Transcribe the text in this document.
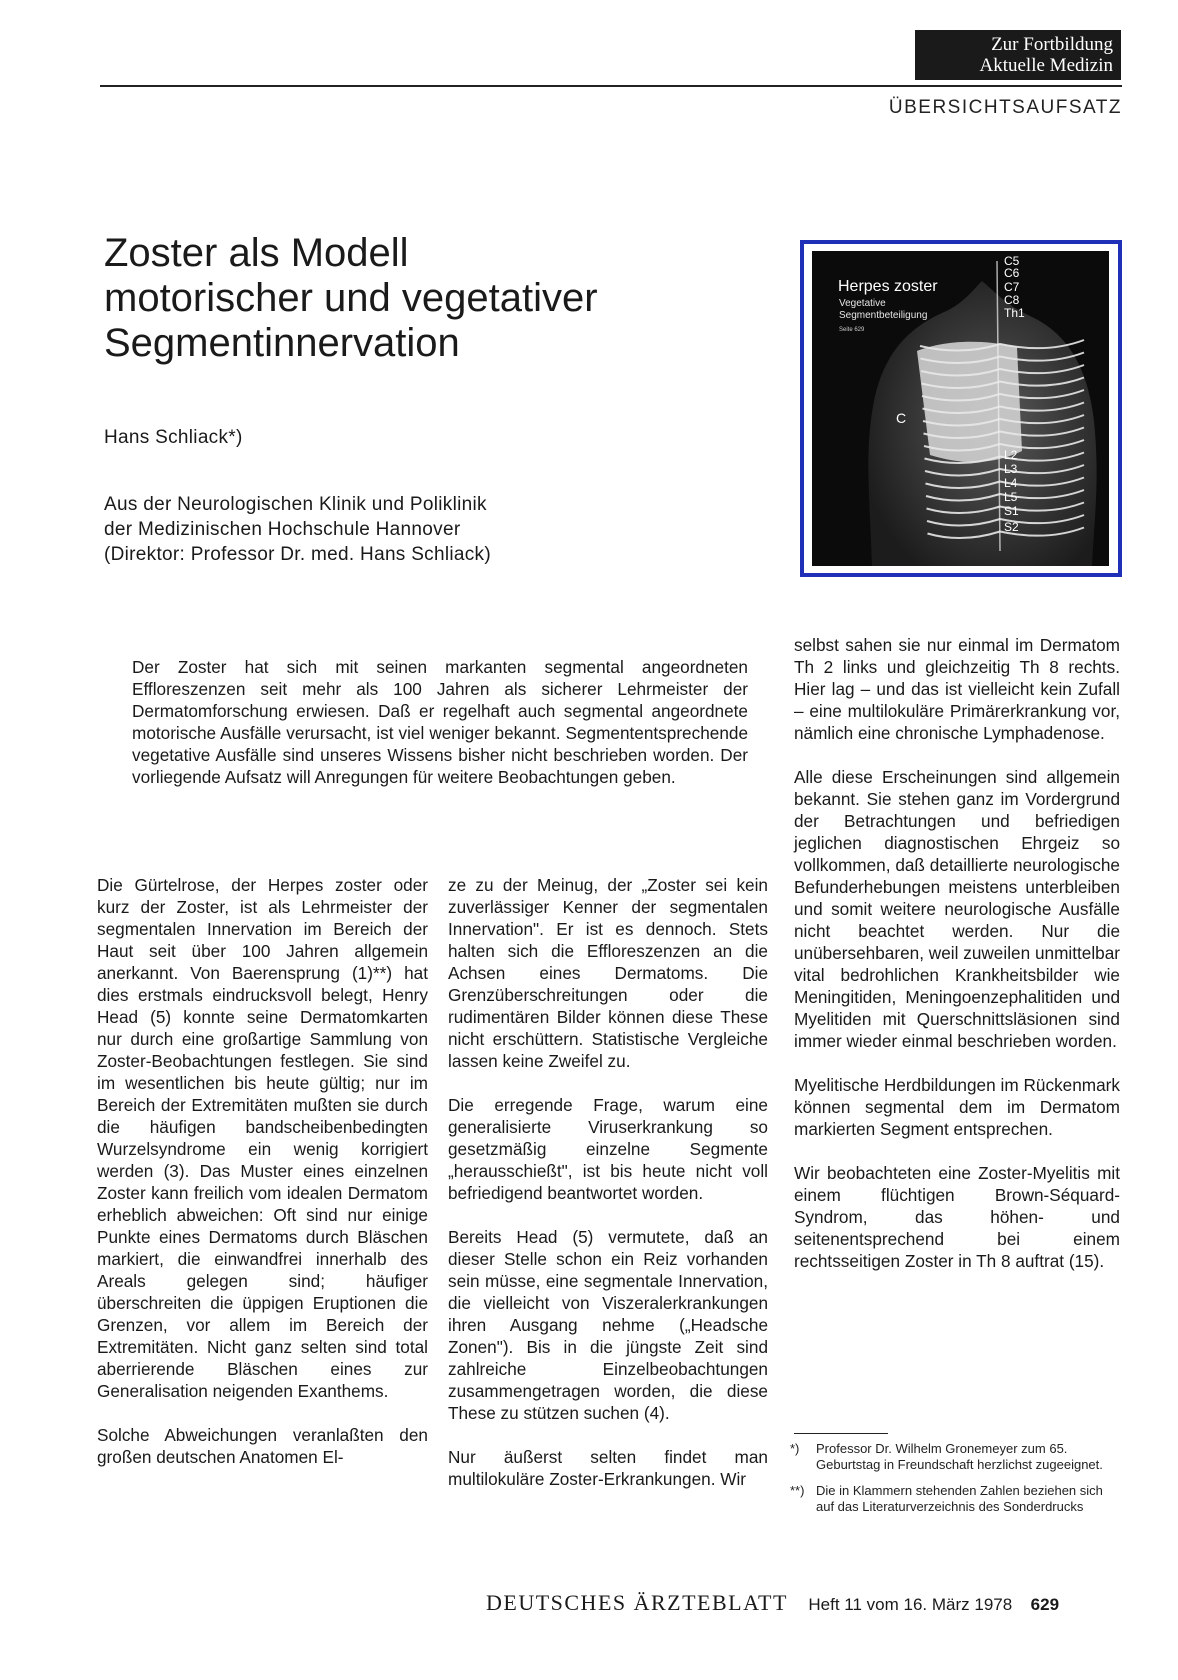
Zur Fortbildung
Aktuelle Medizin
ÜBERSICHTSAUFSATZ
Zoster als Modell
motorischer und vegetativer
Segmentinnervation
Hans Schliack*)
Aus der Neurologischen Klinik und Poliklinik
der Medizinischen Hochschule Hannover
(Direktor: Professor Dr. med. Hans Schliack)
Herpes zoster
Vegetative
Segmentbeteiligung
Seite 629
C
C5
C6
C7
C8
Th1
L2
L3
L4
L5
S1
S2
Der Zoster hat sich mit seinen markanten segmental angeordneten Effloreszenzen seit mehr als 100 Jahren als sicherer Lehrmeister der Dermatomforschung erwiesen. Daß er regelhaft auch segmental angeordnete motorische Ausfälle verursacht, ist viel weniger bekannt. Segmententsprechende vegetative Ausfälle sind unseres Wissens bisher nicht beschrieben worden. Der vorliegende Aufsatz will Anregungen für weitere Beobachtungen geben.

Die Gürtelrose, der Herpes zoster oder kurz der Zoster, ist als Lehrmeister der segmentalen Innervation im Bereich der Haut seit über 100 Jahren allgemein anerkannt. Von Baerensprung (1)**) hat dies erstmals eindrucksvoll belegt, Henry Head (5) konnte seine Dermatomkarten nur durch eine großartige Sammlung von Zoster-Beobachtungen festlegen. Sie sind im wesentlichen bis heute gültig; nur im Bereich der Extremitäten mußten sie durch die häufigen bandscheibenbedingten Wurzelsyndrome ein wenig korrigiert werden (3). Das Muster eines einzelnen Zoster kann freilich vom idealen Dermatom erheblich abweichen: Oft sind nur einige Punkte eines Dermatoms durch Bläschen markiert, die einwandfrei innerhalb des Areals gelegen sind; häufiger überschreiten die üppigen Eruptionen die Grenzen, vor allem im Bereich der Extremitäten. Nicht ganz selten sind total aberrierende Bläschen eines zur Generalisation neigenden Exanthems.

Solche Abweichungen veranlaßten den großen deutschen Anatomen El-

ze zu der Meinug, der „Zoster sei kein zuverlässiger Kenner der segmentalen Innervation". Er ist es dennoch. Stets halten sich die Effloreszenzen an die Achsen eines Dermatoms. Die Grenzüberschreitungen oder die rudimentären Bilder können diese These nicht erschüttern. Statistische Vergleiche lassen keine Zweifel zu.

Die erregende Frage, warum eine generalisierte Viruserkrankung so gesetzmäßig einzelne Segmente „herausschießt", ist bis heute nicht voll befriedigend beantwortet worden.

Bereits Head (5) vermutete, daß an dieser Stelle schon ein Reiz vorhanden sein müsse, eine segmentale Innervation, die vielleicht von Viszeralerkrankungen ihren Ausgang nehme („Headsche Zonen"). Bis in die jüngste Zeit sind zahlreiche Einzelbeobachtungen zusammengetragen worden, die diese These zu stützen suchen (4).

Nur äußerst selten findet man multilokuläre Zoster-Erkrankungen. Wir

selbst sahen sie nur einmal im Dermatom Th 2 links und gleichzeitig Th 8 rechts. Hier lag – und das ist vielleicht kein Zufall – eine multilokuläre Primärerkrankung vor, nämlich eine chronische Lymphadenose.

Alle diese Erscheinungen sind allgemein bekannt. Sie stehen ganz im Vordergrund der Betrachtungen und befriedigen jeglichen diagnostischen Ehrgeiz so vollkommen, daß detaillierte neurologische Befunderhebungen meistens unterbleiben und somit weitere neurologische Ausfälle nicht beachtet werden. Nur die unübersehbaren, weil zuweilen unmittelbar vital bedrohlichen Krankheitsbilder wie Meningitiden, Meningoenzephalitiden und Myelitiden mit Querschnittsläsionen sind immer wieder einmal beschrieben worden.

Myelitische Herdbildungen im Rückenmark können segmental dem im Dermatom markierten Segment entsprechen.

Wir beobachteten eine Zoster-Myelitis mit einem flüchtigen Brown-Séquard-Syndrom, das höhen- und seitenentsprechend bei einem rechtsseitigen Zoster in Th 8 auftrat (15).

*) Professor Dr. Wilhelm Gronemeyer zum 65. Geburtstag in Freundschaft herzlichst zugeeignet.
**) Die in Klammern stehenden Zahlen beziehen sich auf das Literaturverzeichnis des Sonderdrucks
DEUTSCHES ÄRZTEBLATT Heft 11 vom 16. März 1978 629
